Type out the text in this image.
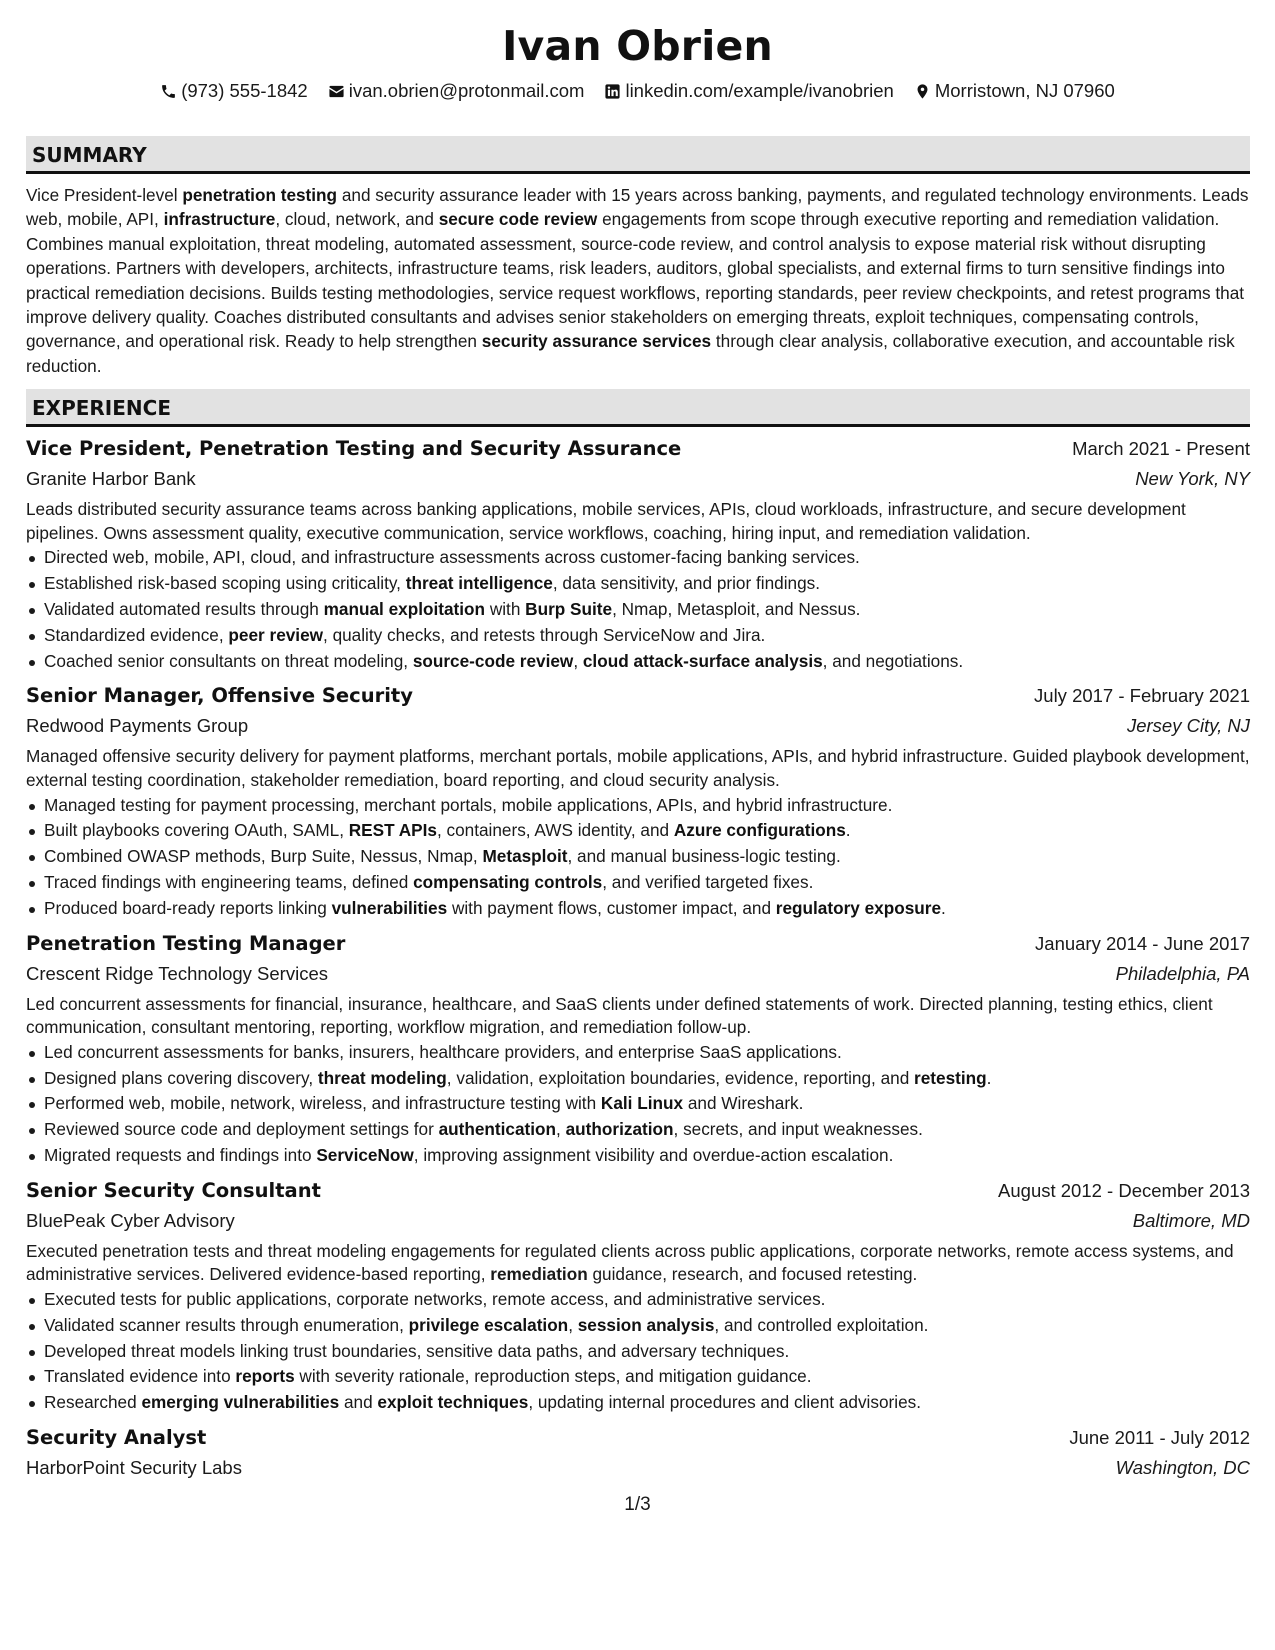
Ivan Obrien
(973) 555-1842 ivan.obrien@protonmail.com linkedin.com/example/ivanobrien Morristown, NJ 07960
SUMMARY

Vice President-level penetration testing and security assurance leader with 15 years across banking, payments, and regulated technology environments. Leads web, mobile, API, infrastructure, cloud, network, and secure code review engagements from scope through executive reporting and remediation validation. Combines manual exploitation, threat modeling, automated assessment, source-code review, and control analysis to expose material risk without disrupting operations. Partners with developers, architects, infrastructure teams, risk leaders, auditors, global specialists, and external firms to turn sensitive findings into practical remediation decisions. Builds testing methodologies, service request workflows, reporting standards, peer review checkpoints, and retest programs that improve delivery quality. Coaches distributed consultants and advises senior stakeholders on emerging threats, exploit techniques, compensating controls, governance, and operational risk. Ready to help strengthen security assurance services through clear analysis, collaborative execution, and accountable risk reduction.

EXPERIENCE
Vice President, Penetration Testing and Security Assurance	March 2021 - Present
Granite Harbor Bank	New York, NY

Leads distributed security assurance teams across banking applications, mobile services, APIs, cloud workloads, infrastructure, and secure development pipelines. Owns assessment quality, executive communication, service workflows, coaching, hiring input, and remediation validation.

Directed web, mobile, API, cloud, and infrastructure assessments across customer-facing banking services.
Established risk-based scoping using criticality, threat intelligence, data sensitivity, and prior findings.
Validated automated results through manual exploitation with Burp Suite, Nmap, Metasploit, and Nessus.
Standardized evidence, peer review, quality checks, and retests through ServiceNow and Jira.
Coached senior consultants on threat modeling, source-code review, cloud attack-surface analysis, and negotiations.
Senior Manager, Offensive Security	July 2017 - February 2021
Redwood Payments Group	Jersey City, NJ

Managed offensive security delivery for payment platforms, merchant portals, mobile applications, APIs, and hybrid infrastructure. Guided playbook development, external testing coordination, stakeholder remediation, board reporting, and cloud security analysis.

Managed testing for payment processing, merchant portals, mobile applications, APIs, and hybrid infrastructure.
Built playbooks covering OAuth, SAML, REST APIs, containers, AWS identity, and Azure configurations.
Combined OWASP methods, Burp Suite, Nessus, Nmap, Metasploit, and manual business-logic testing.
Traced findings with engineering teams, defined compensating controls, and verified targeted fixes.
Produced board-ready reports linking vulnerabilities with payment flows, customer impact, and regulatory exposure.
Penetration Testing Manager	January 2014 - June 2017
Crescent Ridge Technology Services	Philadelphia, PA

Led concurrent assessments for financial, insurance, healthcare, and SaaS clients under defined statements of work. Directed planning, testing ethics, client communication, consultant mentoring, reporting, workflow migration, and remediation follow-up.

Led concurrent assessments for banks, insurers, healthcare providers, and enterprise SaaS applications.
Designed plans covering discovery, threat modeling, validation, exploitation boundaries, evidence, reporting, and retesting.
Performed web, mobile, network, wireless, and infrastructure testing with Kali Linux and Wireshark.
Reviewed source code and deployment settings for authentication, authorization, secrets, and input weaknesses.
Migrated requests and findings into ServiceNow, improving assignment visibility and overdue-action escalation.
Senior Security Consultant	August 2012 - December 2013
BluePeak Cyber Advisory	Baltimore, MD

Executed penetration tests and threat modeling engagements for regulated clients across public applications, corporate networks, remote access systems, and administrative services. Delivered evidence-based reporting, remediation guidance, research, and focused retesting.

Executed tests for public applications, corporate networks, remote access, and administrative services.
Validated scanner results through enumeration, privilege escalation, session analysis, and controlled exploitation.
Developed threat models linking trust boundaries, sensitive data paths, and adversary techniques.
Translated evidence into reports with severity rationale, reproduction steps, and mitigation guidance.
Researched emerging vulnerabilities and exploit techniques, updating internal procedures and client advisories.
Security Analyst	June 2011 - July 2012
HarborPoint Security Labs	Washington, DC
1/3
